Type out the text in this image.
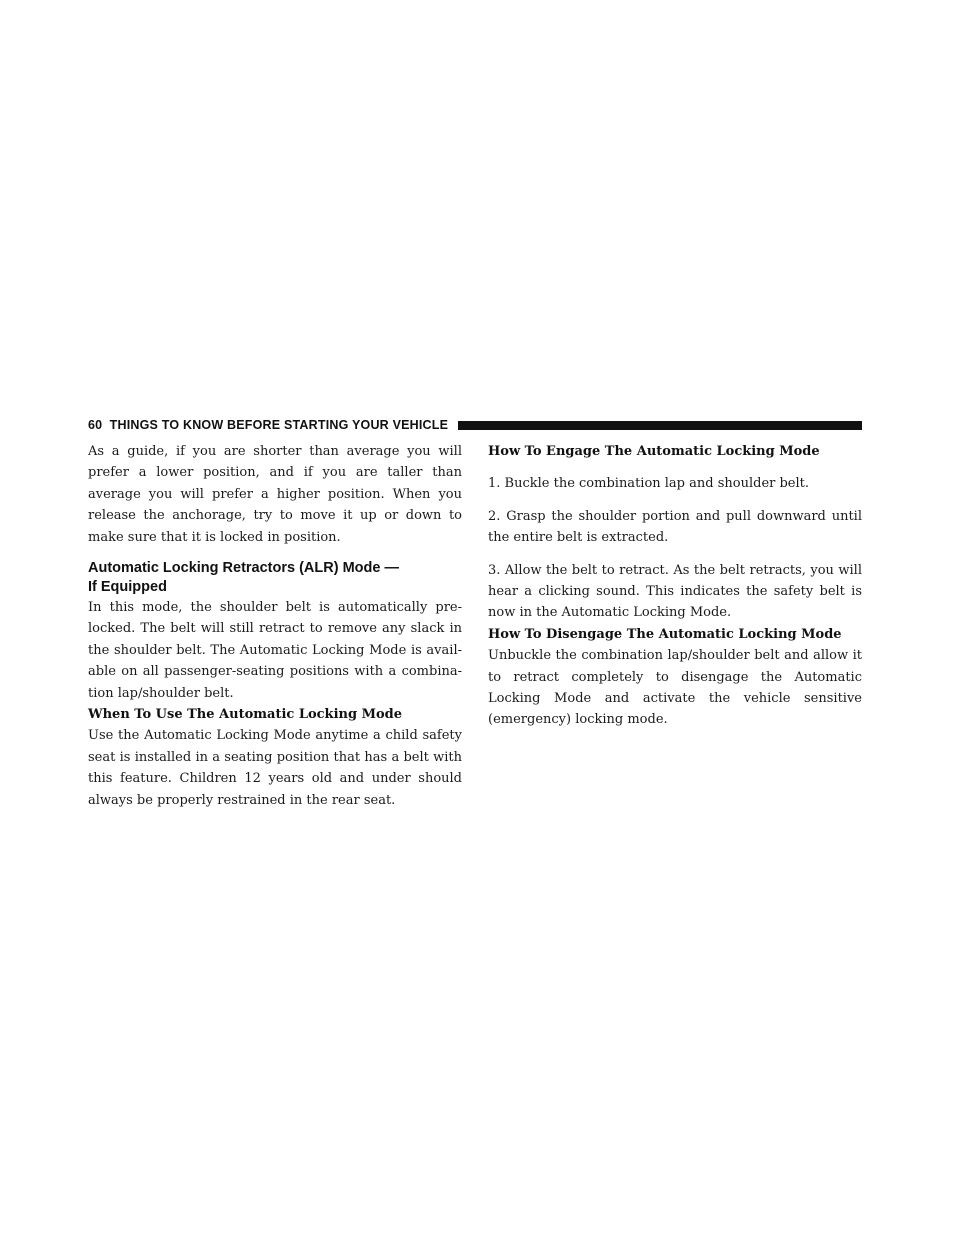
60 THINGS TO KNOW BEFORE STARTING YOUR VEHICLE

As a guide, if you are shorter than average you will prefer a lower position, and if you are taller than average you will prefer a higher position. When you release the anchorage, try to move it up or down to make sure that it is locked in position.

Automatic Locking Retractors (ALR) Mode —

If Equipped

In this mode, the shoulder belt is automatically pre-locked. The belt will still retract to remove any slack in the shoulder belt. The Automatic Locking Mode is avail-able on all passenger-seating positions with a combina-tion lap/shoulder belt.

When To Use The Automatic Locking Mode

Use the Automatic Locking Mode anytime a child safety seat is installed in a seating position that has a belt with this feature. Children 12 years old and under should always be properly restrained in the rear seat.

How To Engage The Automatic Locking Mode

1. Buckle the combination lap and shoulder belt.

2. Grasp the shoulder portion and pull downward until the entire belt is extracted.

3. Allow the belt to retract. As the belt retracts, you will hear a clicking sound. This indicates the safety belt is now in the Automatic Locking Mode.

How To Disengage The Automatic Locking Mode

Unbuckle the combination lap/shoulder belt and allow it to retract completely to disengage the Automatic Locking Mode and activate the vehicle sensitive (emergency) locking mode.
